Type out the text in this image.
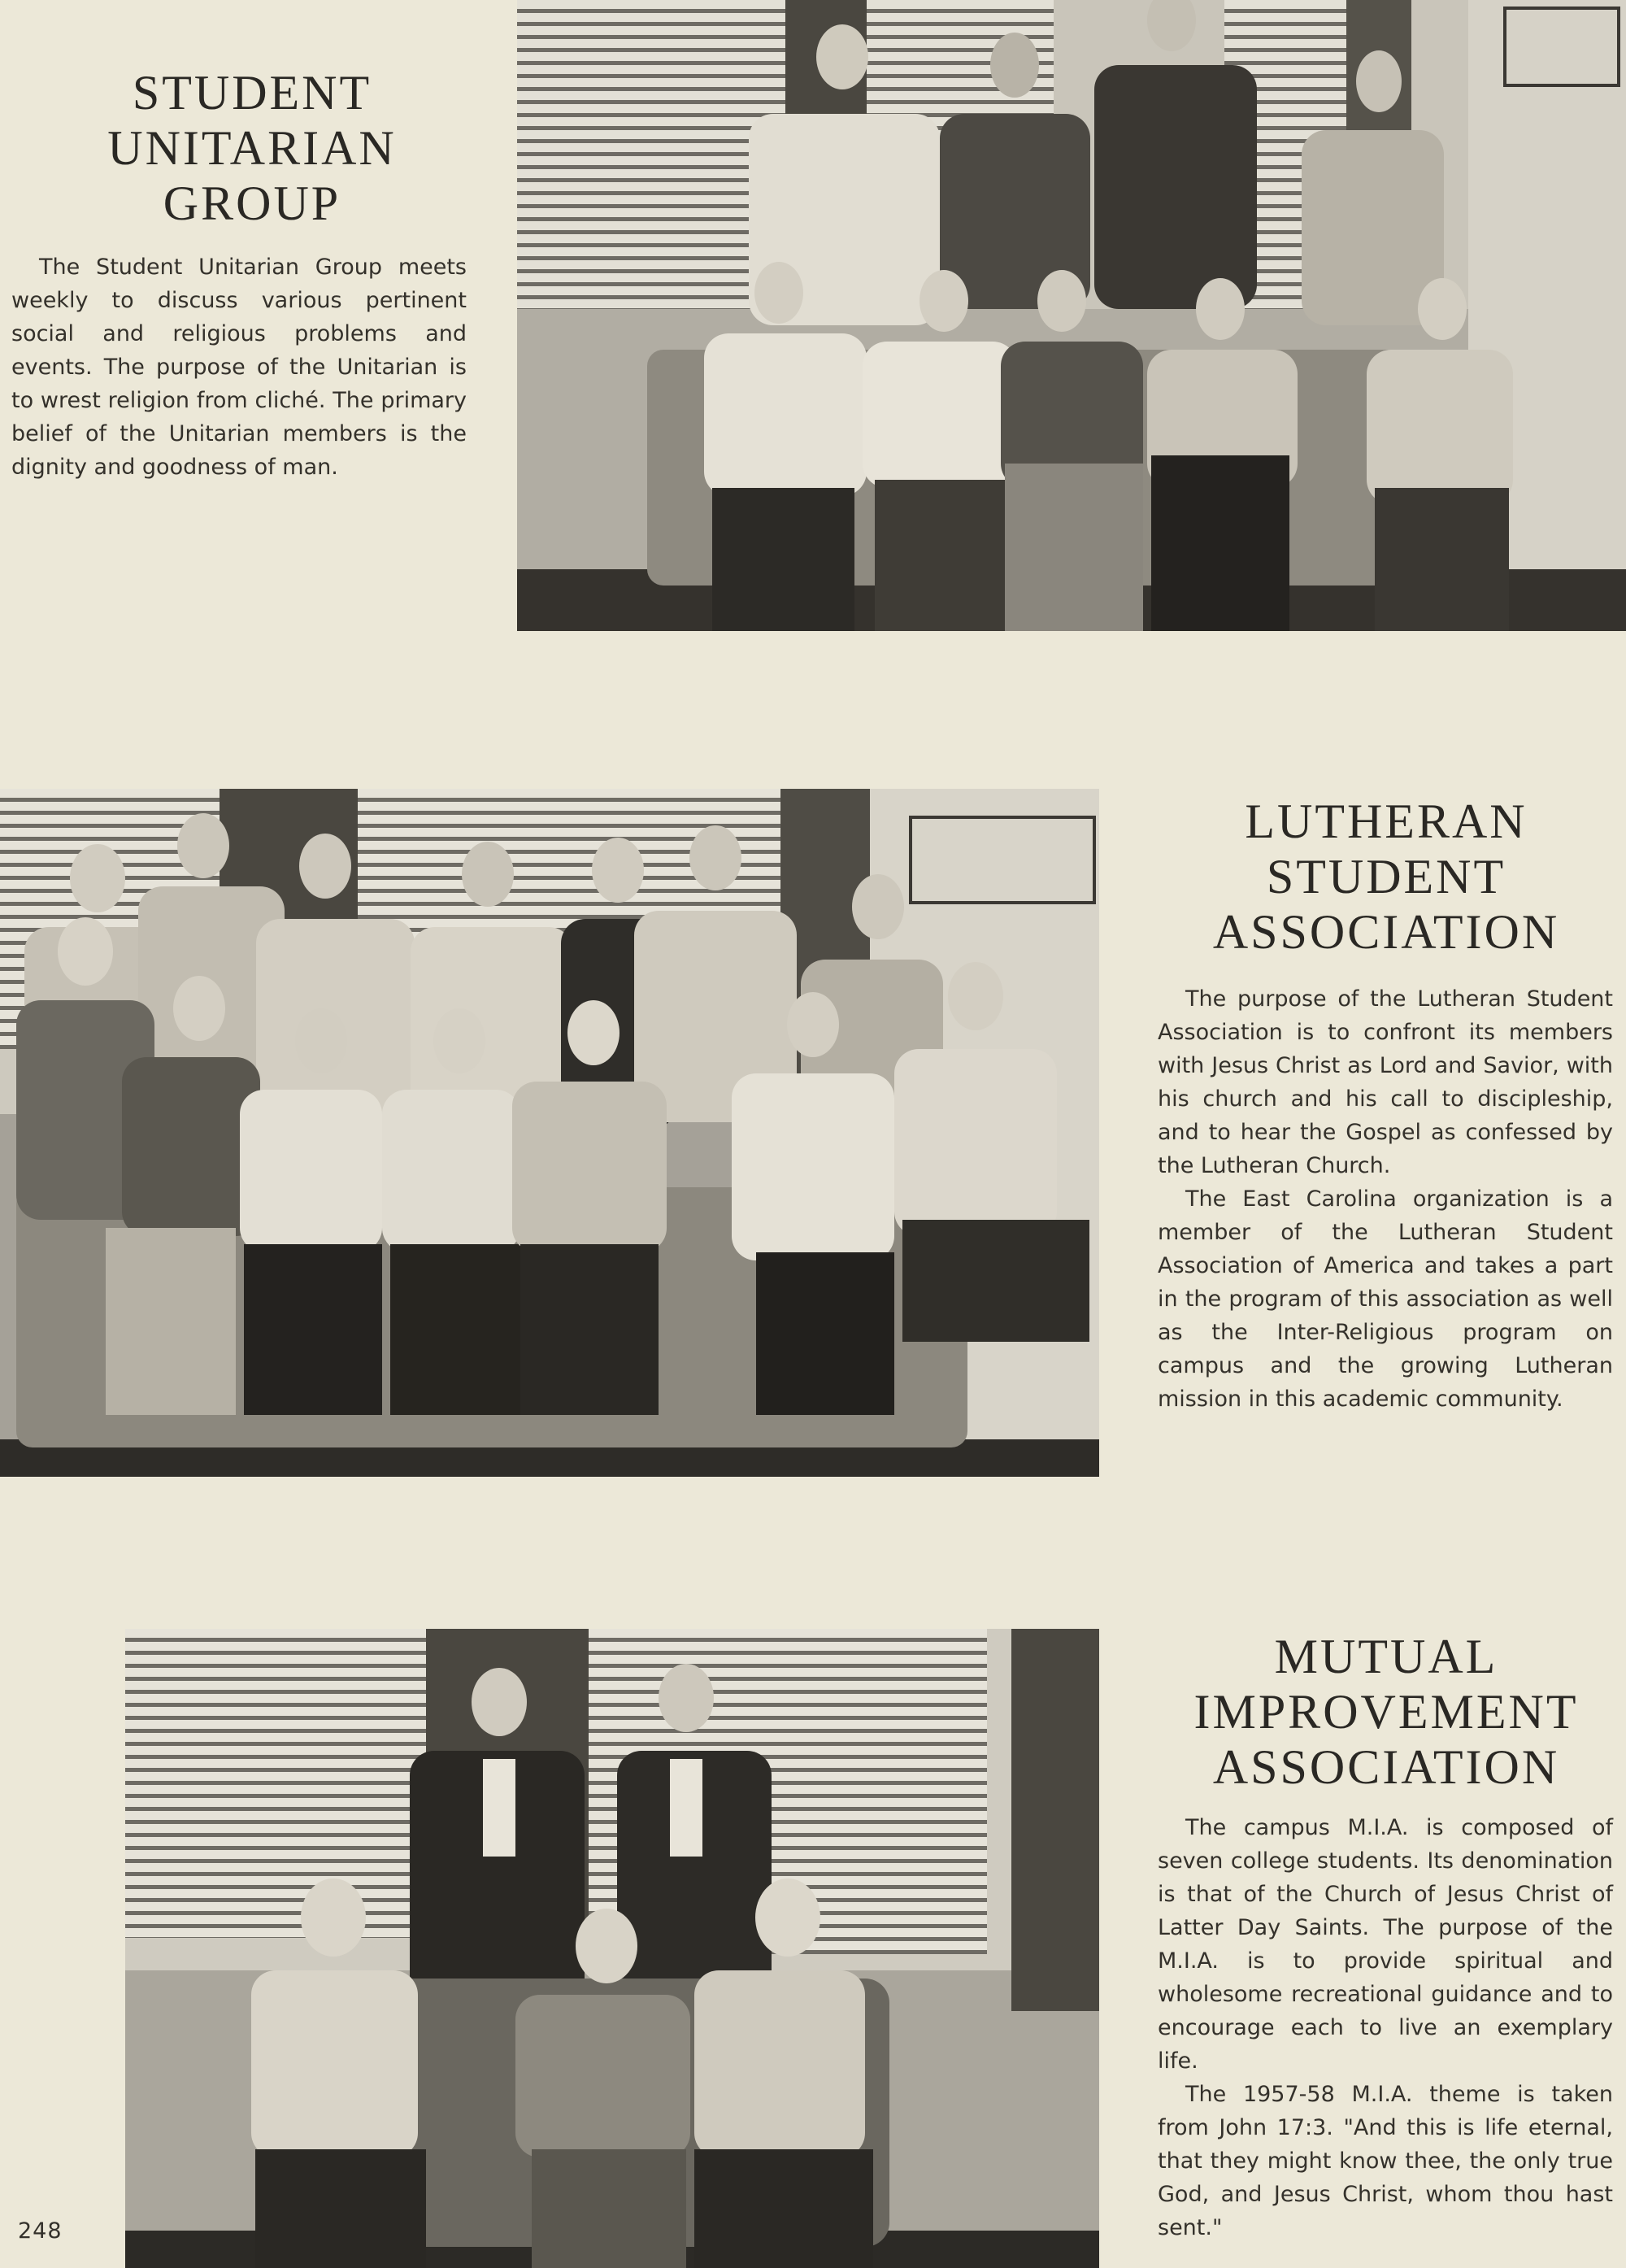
STUDENT
UNITARIAN
GROUP

The Student Unitarian Group meets weekly to discuss various pertinent social and religious problems and events. The purpose of the Unitarian is to wrest religion from cliché. The primary belief of the Unitarian members is the dignity and goodness of man.

LUTHERAN
STUDENT
ASSOCIATION

The purpose of the Lutheran Student Association is to confront its members with Jesus Christ as Lord and Savior, with his church and his call to discipleship, and to hear the Gospel as confessed by the Lutheran Church.

The East Carolina organization is a member of the Lutheran Student Association of America and takes a part in the program of this association as well as the Inter-Religious program on campus and the growing Lutheran mission in this academic community.

MUTUAL
IMPROVEMENT
ASSOCIATION

The campus M.I.A. is composed of seven college students. Its denomination is that of the Church of Jesus Christ of Latter Day Saints. The purpose of the M.I.A. is to provide spiritual and wholesome recreational guidance and to encourage each to live an exemplary life.

The 1957-58 M.I.A. theme is taken from John 17:3. "And this is life eternal, that they might know thee, the only true God, and Jesus Christ, whom thou hast sent."

248
